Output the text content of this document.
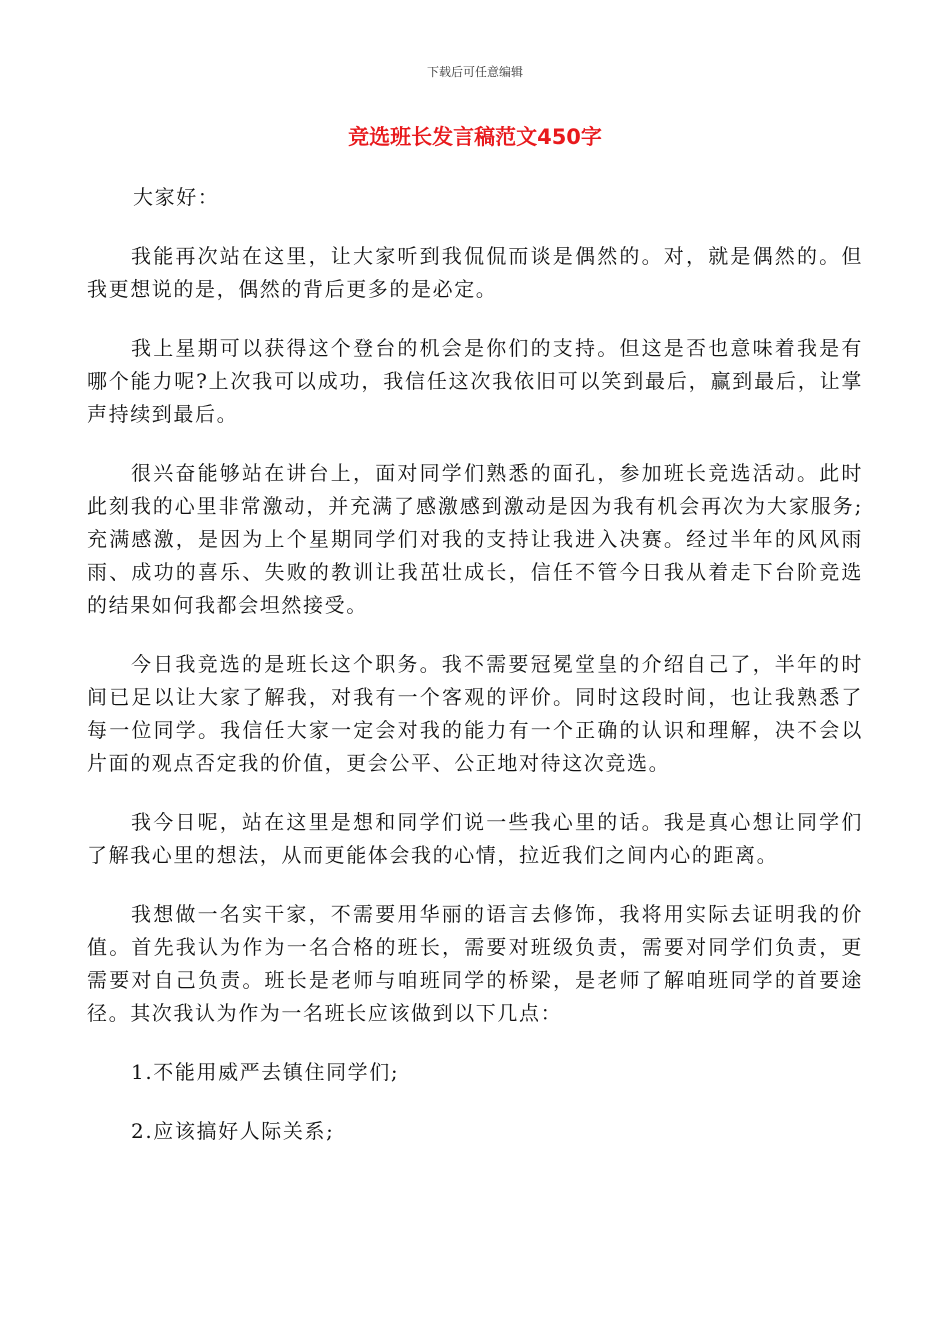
下载后可任意编辑
竞选班长发言稿范文450字

大家好：

我能再次站在这里，让大家听到我侃侃而谈是偶然的。对，就是偶然的。但我更想说的是，偶然的背后更多的是必定。

我上星期可以获得这个登台的机会是你们的支持。但这是否也意味着我是有哪个能力呢?上次我可以成功，我信任这次我依旧可以笑到最后，赢到最后，让掌声持续到最后。

很兴奋能够站在讲台上，面对同学们熟悉的面孔，参加班长竞选活动。此时此刻我的心里非常激动，并充满了感激感到激动是因为我有机会再次为大家服务;充满感激，是因为上个星期同学们对我的支持让我进入决赛。经过半年的风风雨雨、成功的喜乐、失败的教训让我茁壮成长，信任不管今日我从着走下台阶竞选的结果如何我都会坦然接受。

今日我竞选的是班长这个职务。我不需要冠冕堂皇的介绍自己了，半年的时间已足以让大家了解我，对我有一个客观的评价。同时这段时间，也让我熟悉了每一位同学。我信任大家一定会对我的能力有一个正确的认识和理解，决不会以片面的观点否定我的价值，更会公平、公正地对待这次竞选。

我今日呢，站在这里是想和同学们说一些我心里的话。我是真心想让同学们了解我心里的想法，从而更能体会我的心情，拉近我们之间内心的距离。

我想做一名实干家，不需要用华丽的语言去修饰，我将用实际去证明我的价值。首先我认为作为一名合格的班长，需要对班级负责，需要对同学们负责，更需要对自己负责。班长是老师与咱班同学的桥梁，是老师了解咱班同学的首要途径。其次我认为作为一名班长应该做到以下几点：

1.不能用威严去镇住同学们;

2.应该搞好人际关系;
